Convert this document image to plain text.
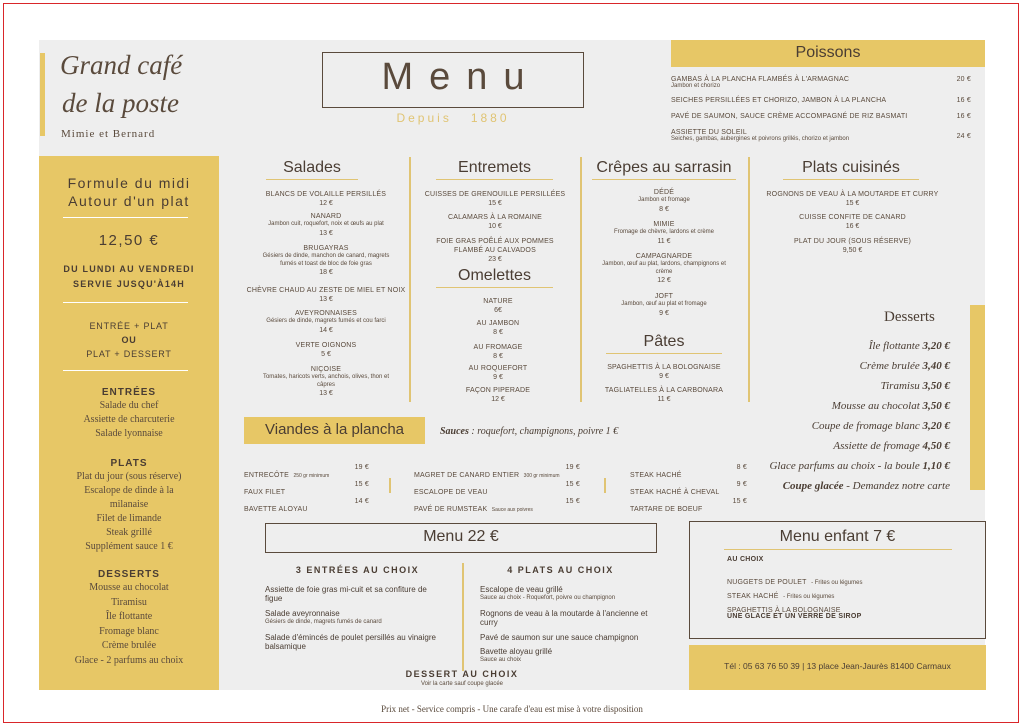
Grand café
de la poste
Mimie et Bernard
Menu
Depuis   1880
Poissons
GAMBAS À LA PLANCHA FLAMBÉS À L'ARMAGNAC
Jambon et chorizo
20 €
SEICHES PERSILLÉES ET CHORIZO, JAMBON À LA PLANCHA	16 €
PAVÉ DE SAUMON, SAUCE CRÈME ACCOMPAGNÉ DE RIZ BASMATI	16 €
ASSIETTE DU SOLEIL
Seiches, gambas, aubergines et poivrons grillés, chorizo et jambon	24 €
Formule du midi
Autour d'un plat
12,50 €
DU LUNDI AU VENDREDI
SERVIE JUSQU'À14H
ENTRÉE + PLAT
OU
PLAT + DESSERT
ENTRÉES
Salade du chef
Assiette de charcuterie
Salade lyonnaise
PLATS
Plat du jour (sous réserve)
Escalope de dinde à la
milanaise
Filet de limande
Steak grillé
Supplément sauce 1 €
DESSERTS
Mousse au chocolat
Tiramisu
Île flottante
Fromage blanc
Crème brulée
Glace - 2 parfums au choix
Salades
BLANCS DE VOLAILLE PERSILLÉS
12 €
NANARD
Jambon cuit, roquefort, noix et œufs au plat
13 €
BRUGAYRAS
Gésiers de dinde, manchon de canard, magrets fumés et toast de bloc de foie gras
18 €
CHÈVRE CHAUD AU ZESTE DE MIEL ET NOIX
13 €
AVEYRONNAISES
Gésiers de dinde, magrets fumés et cou farci
14 €
VERTE OIGNONS
5 €
NIÇOISE
Tomates, haricots verts, anchois, olives, thon et câpres
13 €
Entremets
CUISSES DE GRENOUILLE PERSILLÉES
15 €
CALAMARS À LA ROMAINE
10 €
FOIE GRAS POÊLÉ AUX POMMES FLAMBÉ AU CALVADOS
23 €
Omelettes
NATURE
6€
AU JAMBON
8 €
AU FROMAGE
8 €
AU ROQUEFORT
9 €
FAÇON PIPERADE
12 €
Crêpes au sarrasin
DÉDÉ
Jambon et fromage
8 €
MIMIE
Fromage de chèvre, lardons et crème
11 €
CAMPAGNARDE
Jambon, œuf au plat, lardons, champignons et crème
12 €
JOFT
Jambon, œuf au plat et fromage
9 €
Pâtes
SPAGHETTIS À LA BOLOGNAISE
9 €
TAGLIATELLES À LA CARBONARA
11 €
Plats cuisinés
ROGNONS DE VEAU À LA MOUTARDE ET CURRY
15 €
CUISSE CONFITE DE CANARD
16 €
PLAT DU JOUR (SOUS RÉSERVE)
9,50 €
Desserts
Île flottante 3,20 €
Crème brulée 3,40 €
Tiramisu 3,50 €
Mousse au chocolat 3,50 €
Coupe de fromage blanc 3,20 €
Assiette de fromage 4,50 €
Glace parfums au choix - la boule 1,10 €
Coupe glacée - Demandez notre carte
Viandes à la plancha	Sauces : roquefort, champignons, poivre 1 €
ENTRECÔTE 250 gr minimum
19 €
FAUX FILET
15 €
BAVETTE ALOYAU
14 €
MAGRET DE CANARD ENTIER 300 gr minimum
19 €
ESCALOPE DE VEAU
15 €
PAVÉ DE RUMSTEAK Sauce aux poivres
15 €
STEAK HACHÉ
8 €
STEAK HACHÉ À CHEVAL
9 €
TARTARE DE BOEUF
15 €
Menu 22 €
3 ENTRÉES AU CHOIX
Assiette de foie gras mi-cuit et sa confiture de figue
Salade aveyronnaise
Gésiers de dinde, magrets fumés de canard
Salade d'émincés de poulet persillés au vinaigre balsamique
4 PLATS AU CHOIX
Escalope de veau grillé
Sauce au choix - Roquefort, poivre ou champignon
Rognons de veau à la moutarde à l'ancienne et curry
Pavé de saumon sur une sauce champignon
Bavette aloyau grillé
Sauce au choix
DESSERT AU CHOIX
Voir la carte sauf coupe glacée
Menu enfant 7 €
AU CHOIX
NUGGETS DE POULET - Frites ou légumes
STEAK HACHÉ - Frites ou légumes
SPAGHETTIS À LA BOLOGNAISE
UNE GLACE ET UN VERRE DE SIROP
Tél : 05 63 76 50 39 | 13 place Jean-Jaurès 81400 Carmaux
Prix net - Service compris - Une carafe d'eau est mise à votre disposition
